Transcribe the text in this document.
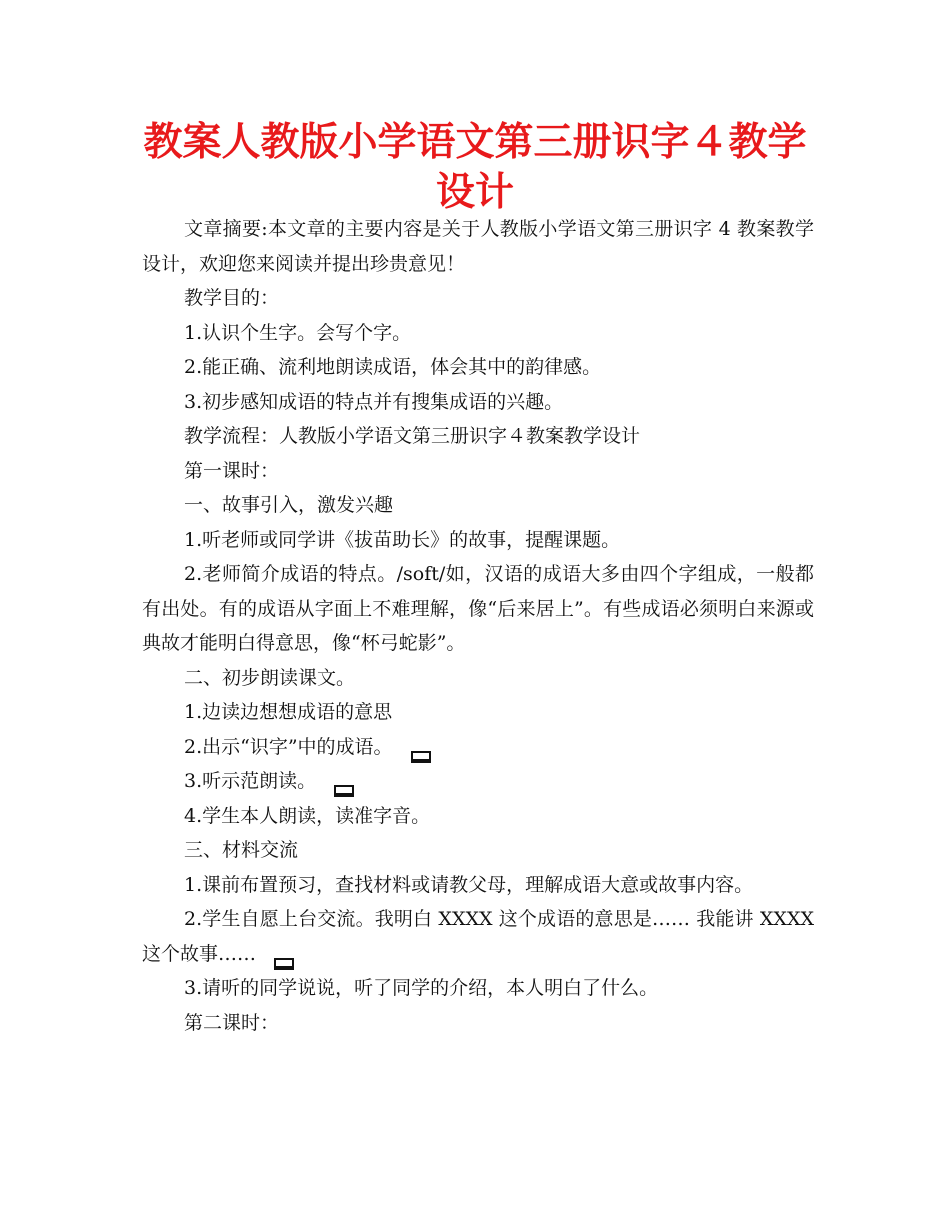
教案人教版小学语文第三册识字４教学设计

文章摘要:本文章的主要内容是关于人教版小学语文第三册识字 4 教案教学设计，欢迎您来阅读并提出珍贵意见！

教学目的：

1.认识个生字。会写个字。

2.能正确、流利地朗读成语，体会其中的韵律感。

3.初步感知成语的特点并有搜集成语的兴趣。

教学流程：人教版小学语文第三册识字４教案教学设计

第一课时：

一、故事引入，激发兴趣

1.听老师或同学讲《拔苗助长》的故事，提醒课题。

2.老师简介成语的特点。/soft/如，汉语的成语大多由四个字组成，一般都有出处。有的成语从字面上不难理解，像“后来居上”。有些成语必须明白来源或典故才能明白得意思，像“杯弓蛇影”。

二、初步朗读课文。

1.边读边想想成语的意思

2.出示“识字”中的成语。

3.听示范朗读。

4.学生本人朗读，读准字音。

三、材料交流

1.课前布置预习，查找材料或请教父母，理解成语大意或故事内容。

2.学生自愿上台交流。我明白 XXXX 这个成语的意思是…… 我能讲 XXXX 这个故事……

3.请听的同学说说，听了同学的介绍，本人明白了什么。

第二课时：
